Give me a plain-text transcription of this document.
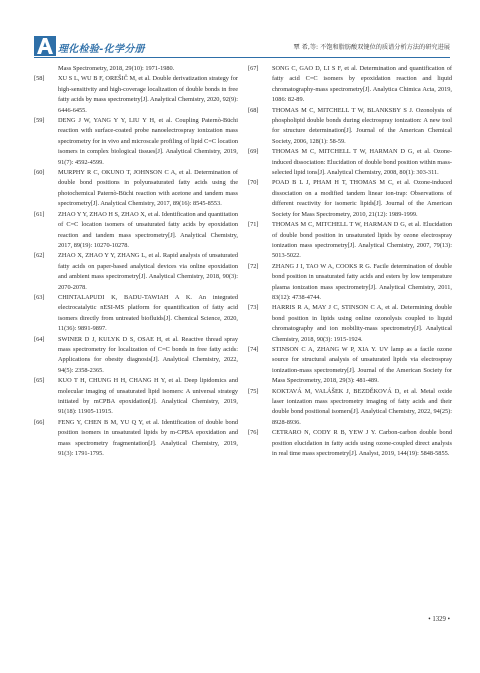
理化检验-化学分册	覃 希,等: 不饱和脂肪酸双键位的质谱分析方法的研究进展
Mass Spectrometry, 2018, 29(10): 1971-1980.
[58]	XU S L, WU B F, OREŠIČ M, et al. Double derivatization strategy for high-sensitivity and high-coverage localization of double bonds in free fatty acids by mass spectrometry[J]. Analytical Chemistry, 2020, 92(9): 6446-6455.
[59]	DENG J W, YANG Y Y, LIU Y H, et al. Coupling Paternò-Büchi reaction with surface-coated probe nanoelectrospray ionization mass spectrometry for in vivo and microscale profiling of lipid C=C location isomers in complex biological tissues[J]. Analytical Chemistry, 2019, 91(7): 4592-4599.
[60]	MURPHY R C, OKUNO T, JOHNSON C A, et al. Determination of double bond positions in polyunsaturated fatty acids using the photochemical Paternò-Büchi reaction with acetone and tandem mass spectrometry[J]. Analytical Chemistry, 2017, 89(16): 8545-8553.
[61]	ZHAO Y Y, ZHAO H S, ZHAO X, et al. Identification and quantitation of C=C location isomers of unsaturated fatty acids by epoxidation reaction and tandem mass spectrometry[J]. Analytical Chemistry, 2017, 89(19): 10270-10278.
[62]	ZHAO X, ZHAO Y Y, ZHANG L, et al. Rapid analysis of unsaturated fatty acids on paper-based analytical devices via online epoxidation and ambient mass spectrometry[J]. Analytical Chemistry, 2018, 90(3): 2070-2078.
[63]	CHINTALAPUDI K, BADU-TAWIAH A K. An integrated electrocatalytic nESI-MS platform for quantification of fatty acid isomers directly from untreated biofluids[J]. Chemical Science, 2020, 11(36): 9891-9897.
[64]	SWINER D J, KULYK D S, OSAE H, et al. Reactive thread spray mass spectrometry for localization of C=C bonds in free fatty acids: Applications for obesity diagnosis[J]. Analytical Chemistry, 2022, 94(5): 2358-2365.
[65]	KUO T H, CHUNG H H, CHANG H Y, et al. Deep lipidomics and molecular imaging of unsaturated lipid isomers: A universal strategy initiated by mCPBA epoxidation[J]. Analytical Chemistry, 2019, 91(18): 11905-11915.
[66]	FENG Y, CHEN B M, YU Q Y, et al. Identification of double bond position isomers in unsaturated lipids by m-CPBA epoxidation and mass spectrometry fragmentation[J]. Analytical Chemistry, 2019, 91(3): 1791-1795.
[67]	SONG C, GAO D, LI S F, et al. Determination and quantification of fatty acid C=C isomers by epoxidation reaction and liquid chromatography-mass spectrometry[J]. Analytica Chimica Acta, 2019, 1086: 82-89.
[68]	THOMAS M C, MITCHELL T W, BLANKSBY S J. Ozonolysis of phospholipid double bonds during electrospray ionization: A new tool for structure determination[J]. Journal of the American Chemical Society, 2006, 128(1): 58-59.
[69]	THOMAS M C, MITCHELL T W, HARMAN D G, et al. Ozone-induced dissociation: Elucidation of double bond position within mass-selected lipid ions[J]. Analytical Chemistry, 2008, 80(1): 303-311.
[70]	POAD B L J, PHAM H T, THOMAS M C, et al. Ozone-induced dissociation on a modified tandem linear ion-trap: Observations of different reactivity for isomeric lipids[J]. Journal of the American Society for Mass Spectrometry, 2010, 21(12): 1989-1999.
[71]	THOMAS M C, MITCHELL T W, HARMAN D G, et al. Elucidation of double bond position in unsaturated lipids by ozone electrospray ionization mass spectrometry[J]. Analytical Chemistry, 2007, 79(13): 5013-5022.
[72]	ZHANG J I, TAO W A, COOKS R G. Facile determination of double bond position in unsaturated fatty acids and esters by low temperature plasma ionization mass spectrometry[J]. Analytical Chemistry, 2011, 83(12): 4738-4744.
[73]	HARRIS R A, MAY J C, STINSON C A, et al. Determining double bond position in lipids using online ozonolysis coupled to liquid chromatography and ion mobility-mass spectrometry[J]. Analytical Chemistry, 2018, 90(3): 1915-1924.
[74]	STINSON C A, ZHANG W P, XIA Y. UV lamp as a facile ozone source for structural analysis of unsaturated lipids via electrospray ionization-mass spectrometry[J]. Journal of the American Society for Mass Spectrometry, 2018, 29(3): 481-489.
[75]	KOKTAVÁ M, VALÁŠEK J, BEZDĚKOVÁ D, et al. Metal oxide laser ionization mass spectrometry imaging of fatty acids and their double bond positional isomers[J]. Analytical Chemistry, 2022, 94(25): 8928-8936.
[76]	CETRARO N, CODY R B, YEW J Y. Carbon-carbon double bond position elucidation in fatty acids using ozone-coupled direct analysis in real time mass spectrometry[J]. Analyst, 2019, 144(19): 5848-5855.
• 1329 •
